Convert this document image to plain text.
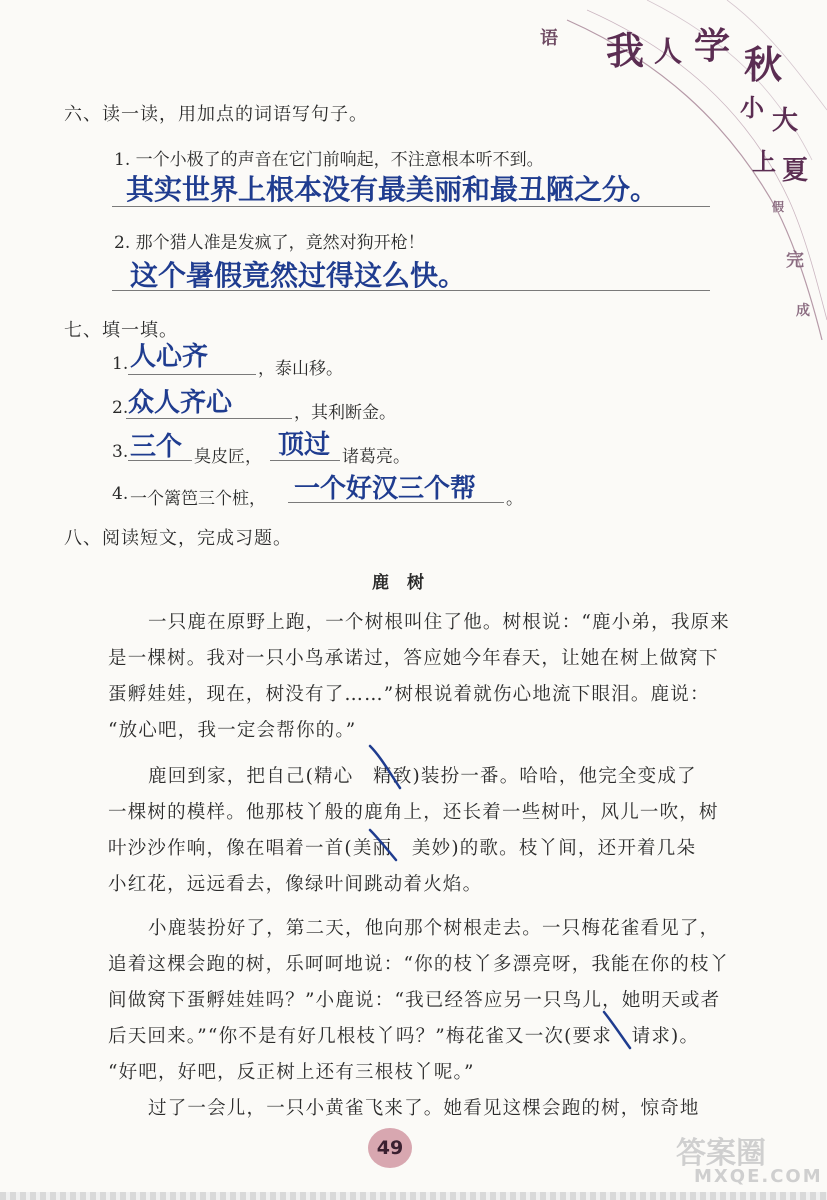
语 我 人 学 秋
小 大
上 夏
假
完
成
六、读一读，用加点的词语写句子。
1. 一个小极了的声音在它门前响起，不注意根本听不到。
其实世界上根本没有最美丽和最丑陋之分。
2. 那个猎人准是发疯了，竟然对狗开枪！
这个暑假竟然过得这么快。
七、填一填。
1. 人心齐	，泰山移。
2. 众人齐心	，其利断金。
3. 三个 臭皮匠， 顶过 诸葛亮。
4. 一个篱笆三个桩， 一个好汉三个帮 。
八、阅读短文，完成习题。
鹿树
一只鹿在原野上跑，一个树根叫住了他。树根说：“鹿小弟，我原来
是一棵树。我对一只小鸟承诺过，答应她今年春天，让她在树上做窝下
蛋孵娃娃，现在，树没有了……”树根说着就伤心地流下眼泪。鹿说：
“放心吧，我一定会帮你的。”
鹿回到家，把自己(精心　精致)装扮一番。哈哈，他完全变成了
一棵树的模样。他那枝丫般的鹿角上，还长着一些树叶，风儿一吹，树
叶沙沙作响，像在唱着一首(美丽　美妙)的歌。枝丫间，还开着几朵
小红花，远远看去，像绿叶间跳动着火焰。
小鹿装扮好了，第二天，他向那个树根走去。一只梅花雀看见了，
追着这棵会跑的树，乐呵呵地说：“你的枝丫多漂亮呀，我能在你的枝丫
间做窝下蛋孵娃娃吗？”小鹿说：“我已经答应另一只鸟儿，她明天或者
后天回来。”“你不是有好几根枝丫吗？”梅花雀又一次(要求　请求)。
“好吧，好吧，反正树上还有三根枝丫呢。”
过了一会儿，一只小黄雀飞来了。她看见这棵会跑的树，惊奇地
49	答案圈
MXQE.COM
